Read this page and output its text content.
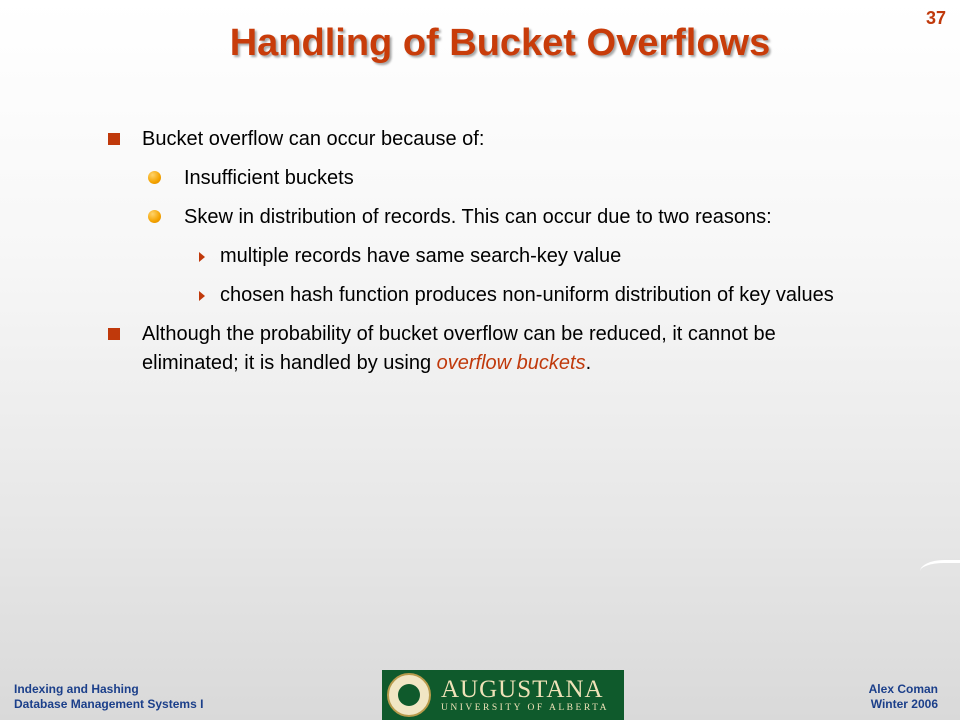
37
Handling of Bucket Overflows
Bucket overflow can occur because of:
Insufficient buckets
Skew in distribution of records. This can occur due to two reasons:
multiple records have same search-key value
chosen hash function produces non-uniform distribution of key values
Although the probability of bucket overflow can be reduced, it cannot be eliminated; it is handled by using overflow buckets.
Indexing and Hashing
Database Management Systems I
AUGUSTANA
UNIVERSITY OF ALBERTA
Alex Coman
Winter 2006
